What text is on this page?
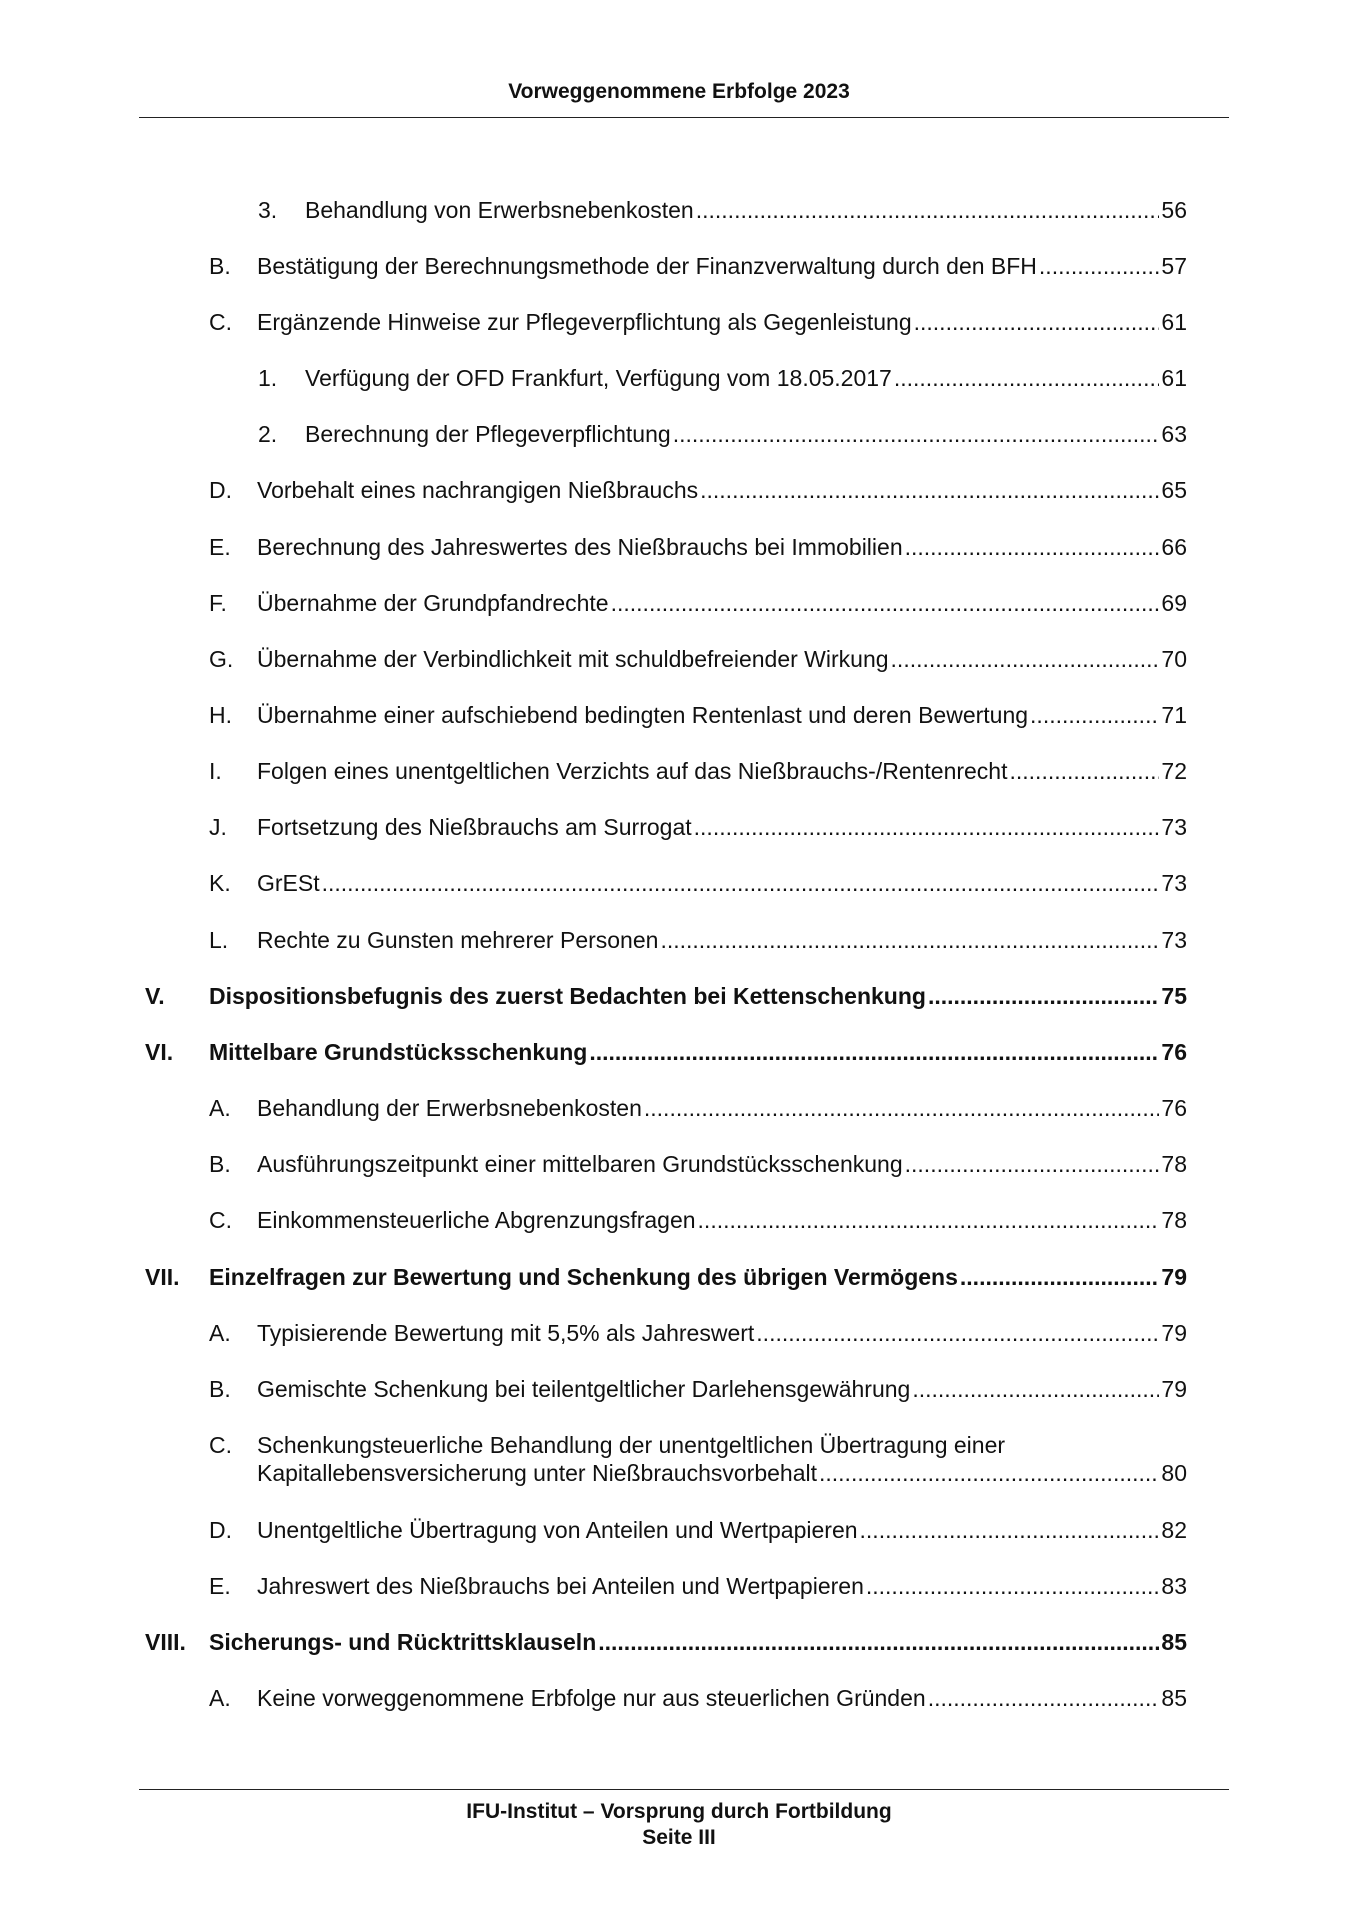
Vorweggenommene Erbfolge 2023
3. Behandlung von Erwerbsnebenkosten .....	56
B. Bestätigung der Berechnungsmethode der Finanzverwaltung durch den BFH .....	57
C. Ergänzende Hinweise zur Pflegeverpflichtung als Gegenleistung .....	61
1. Verfügung der OFD Frankfurt, Verfügung vom 18.05.2017 .....	61
2. Berechnung der Pflegeverpflichtung .....	63
D. Vorbehalt eines nachrangigen Nießbrauchs .....	65
E. Berechnung des Jahreswertes des Nießbrauchs bei Immobilien .....	66
F. Übernahme der Grundpfandrechte .....	69
G. Übernahme der Verbindlichkeit mit schuldbefreiender Wirkung .....	70
H. Übernahme einer aufschiebend bedingten Rentenlast und deren Bewertung .....	71
I. Folgen eines unentgeltlichen Verzichts auf das Nießbrauchs-/Rentenrecht .....	72
J. Fortsetzung des Nießbrauchs am Surrogat .....	73
K. GrESt .....	73
L. Rechte zu Gunsten mehrerer Personen .....	73
V. Dispositionsbefugnis des zuerst Bedachten bei Kettenschenkung .....	75
VI. Mittelbare Grundstücksschenkung .....	76
A. Behandlung der Erwerbsnebenkosten .....	76
B. Ausführungszeitpunkt einer mittelbaren Grundstücksschenkung .....	78
C. Einkommensteuerliche Abgrenzungsfragen .....	78
VII. Einzelfragen zur Bewertung und Schenkung des übrigen Vermögens .....	79
A. Typisierende Bewertung mit 5,5% als Jahreswert .....	79
B. Gemischte Schenkung bei teilentgeltlicher Darlehensgewährung .....	79
C. Schenkungsteuerliche Behandlung der unentgeltlichen Übertragung einer
Kapitallebensversicherung unter Nießbrauchsvorbehalt .....	80
D. Unentgeltliche Übertragung von Anteilen und Wertpapieren .....	82
E. Jahreswert des Nießbrauchs bei Anteilen und Wertpapieren .....	83
VIII. Sicherungs- und Rücktrittsklauseln .....	85
A. Keine vorweggenommene Erbfolge nur aus steuerlichen Gründen .....	85
IFU-Institut – Vorsprung durch Fortbildung
Seite III
